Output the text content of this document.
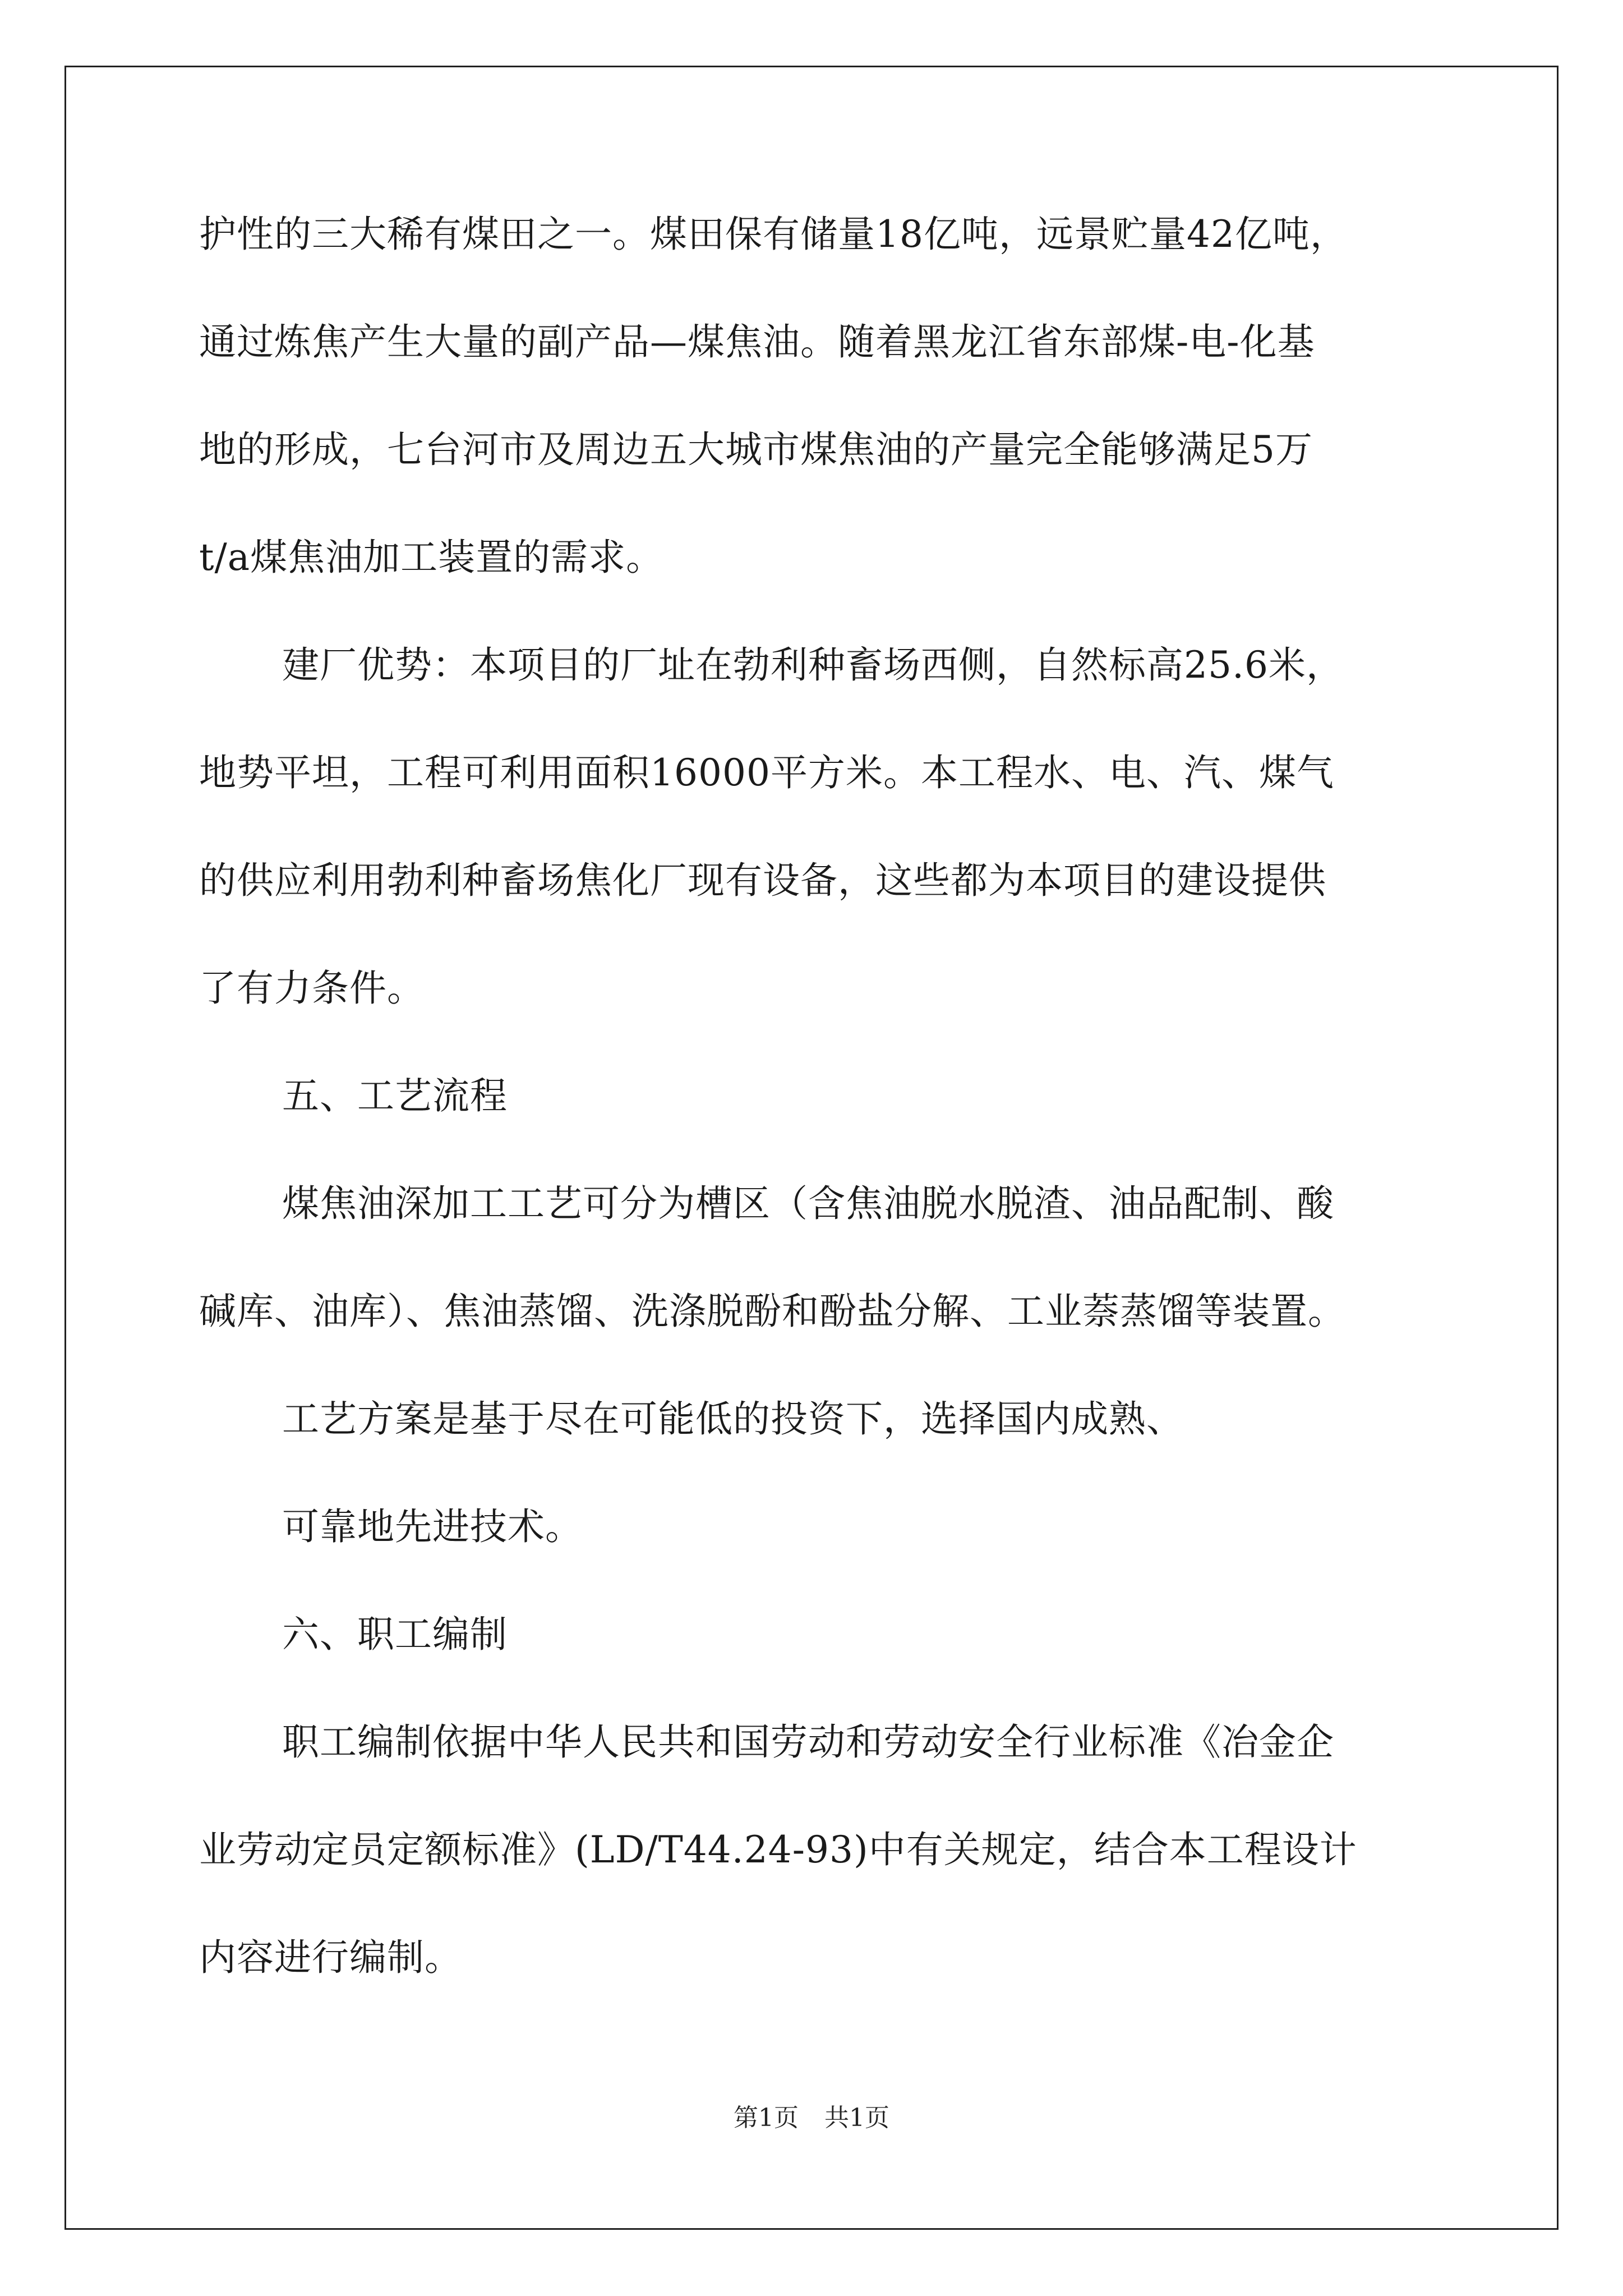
护性的三大稀有煤田之一。煤田保有储量18亿吨，远景贮量42亿吨，
通过炼焦产生大量的副产品—煤焦油。随着黑龙江省东部煤-电-化基
地的形成，七台河市及周边五大城市煤焦油的产量完全能够满足5万
t/a煤焦油加工装置的需求。
建厂优势：本项目的厂址在勃利种畜场西侧，自然标高25.6米，
地势平坦，工程可利用面积16000平方米。本工程水、电、汽、煤气
的供应利用勃利种畜场焦化厂现有设备，这些都为本项目的建设提供
了有力条件。
五、工艺流程
煤焦油深加工工艺可分为槽区（含焦油脱水脱渣、油品配制、酸
碱库、油库）、焦油蒸馏、洗涤脱酚和酚盐分解、工业萘蒸馏等装置。
工艺方案是基于尽在可能低的投资下，选择国内成熟、
可靠地先进技术。
六、职工编制
职工编制依据中华人民共和国劳动和劳动安全行业标准《冶金企
业劳动定员定额标准》(LD/T44.24-93)中有关规定，结合本工程设计
内容进行编制。
第1页 共1页
